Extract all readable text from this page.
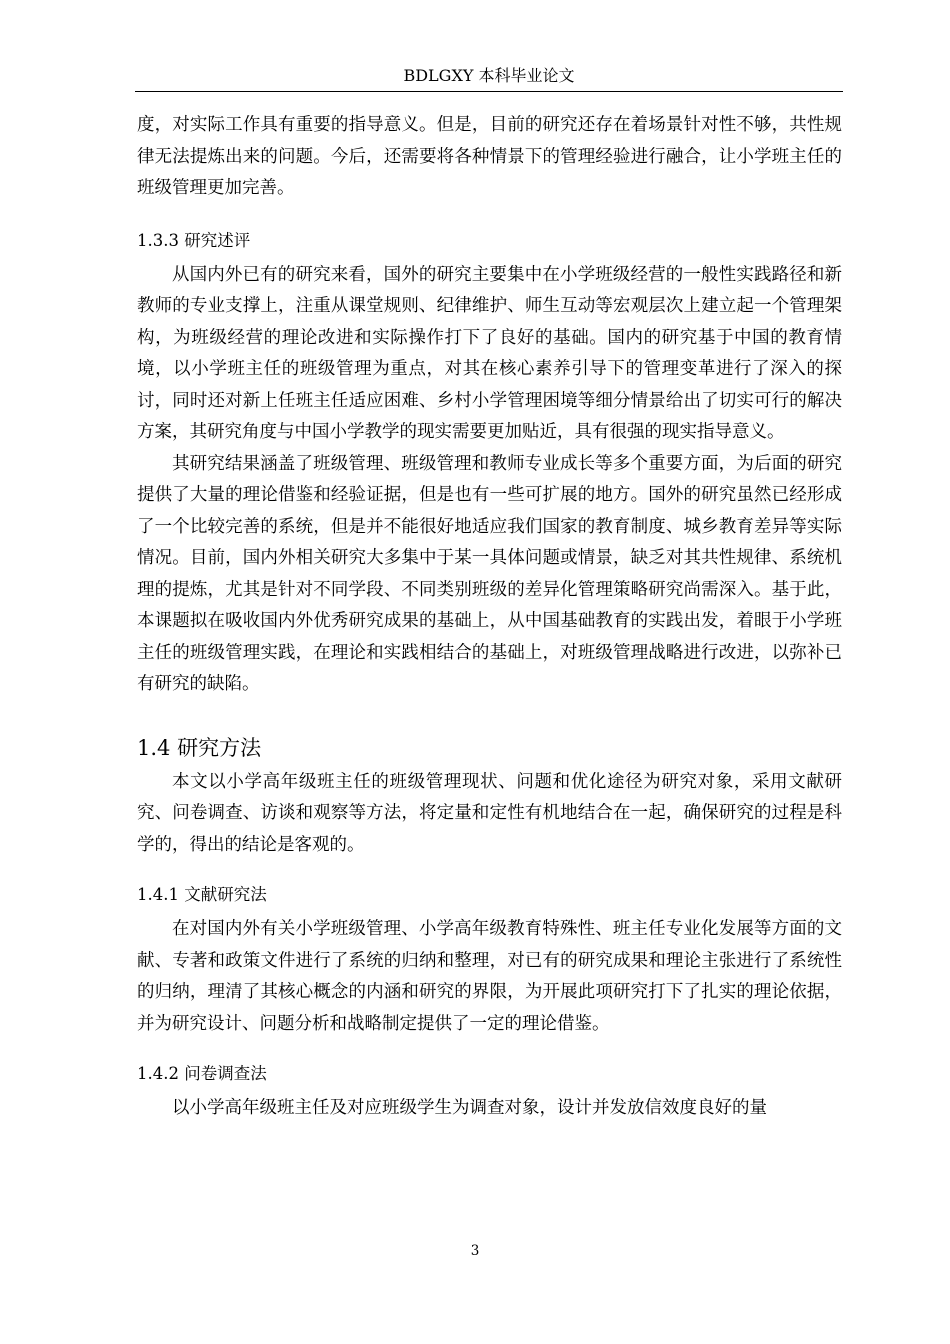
BDLGXY 本科毕业论文

度，对实际工作具有重要的指导意义。但是，目前的研究还存在着场景针对性不够，共性规律无法提炼出来的问题。今后，还需要将各种情景下的管理经验进行融合，让小学班主任的班级管理更加完善。

1.3.3 研究述评

从国内外已有的研究来看，国外的研究主要集中在小学班级经营的一般性实践路径和新教师的专业支撑上，注重从课堂规则、纪律维护、师生互动等宏观层次上建立起一个管理架构，为班级经营的理论改进和实际操作打下了良好的基础。国内的研究基于中国的教育情境，以小学班主任的班级管理为重点，对其在核心素养引导下的管理变革进行了深入的探讨，同时还对新上任班主任适应困难、乡村小学管理困境等细分情景给出了切实可行的解决方案，其研究角度与中国小学教学的现实需要更加贴近，具有很强的现实指导意义。

其研究结果涵盖了班级管理、班级管理和教师专业成长等多个重要方面，为后面的研究提供了大量的理论借鉴和经验证据，但是也有一些可扩展的地方。国外的研究虽然已经形成了一个比较完善的系统，但是并不能很好地适应我们国家的教育制度、城乡教育差异等实际情况。目前，国内外相关研究大多集中于某一具体问题或情景，缺乏对其共性规律、系统机理的提炼，尤其是针对不同学段、不同类别班级的差异化管理策略研究尚需深入。基于此，本课题拟在吸收国内外优秀研究成果的基础上，从中国基础教育的实践出发，着眼于小学班主任的班级管理实践，在理论和实践相结合的基础上，对班级管理战略进行改进，以弥补已有研究的缺陷。

1.4 研究方法

本文以小学高年级班主任的班级管理现状、问题和优化途径为研究对象，采用文献研究、问卷调查、访谈和观察等方法，将定量和定性有机地结合在一起，确保研究的过程是科学的，得出的结论是客观的。

1.4.1 文献研究法

在对国内外有关小学班级管理、小学高年级教育特殊性、班主任专业化发展等方面的文献、专著和政策文件进行了系统的归纳和整理，对已有的研究成果和理论主张进行了系统性的归纳，理清了其核心概念的内涵和研究的界限，为开展此项研究打下了扎实的理论依据，并为研究设计、问题分析和战略制定提供了一定的理论借鉴。

1.4.2 问卷调查法

以小学高年级班主任及对应班级学生为调查对象，设计并发放信效度良好的量

3
